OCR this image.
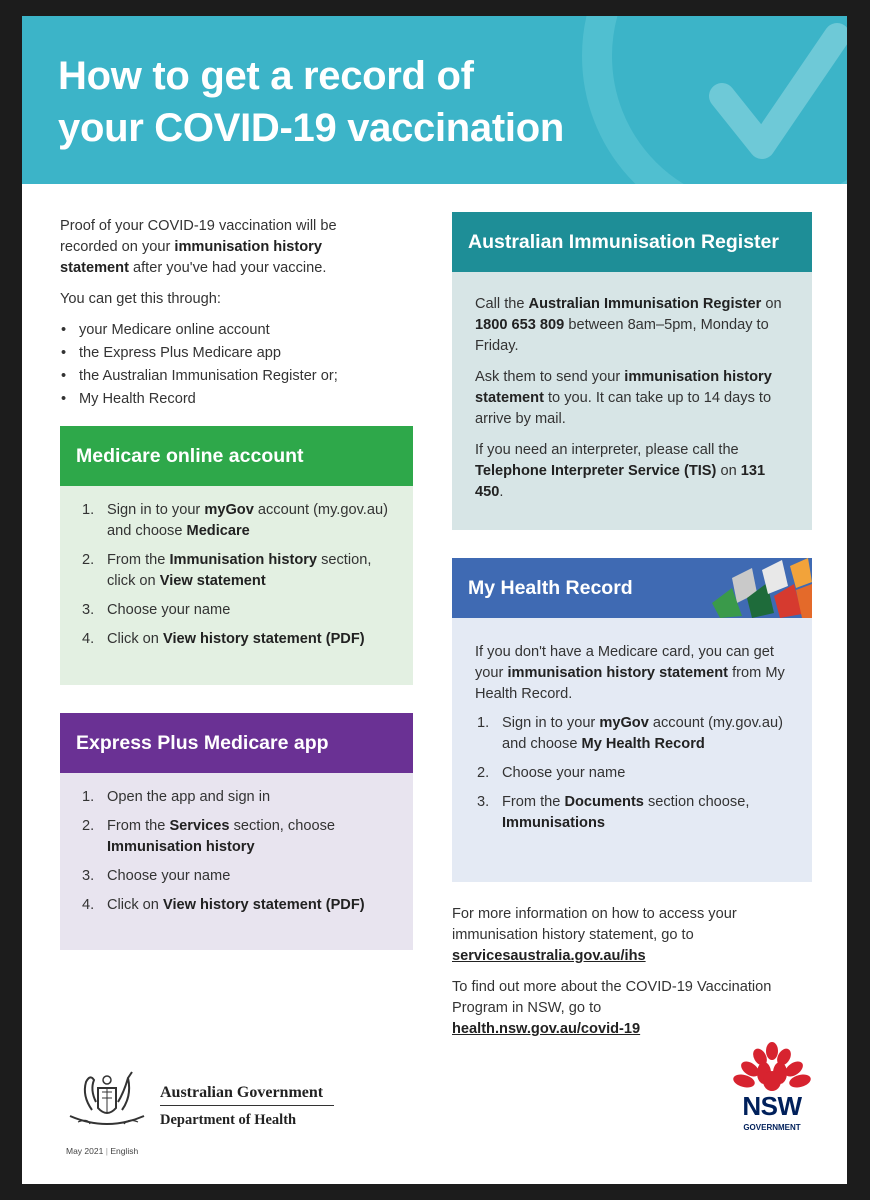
How to get a record of
your COVID-19 vaccination

Proof of your COVID-19 vaccination will be recorded on your immunisation history statement after you've had your vaccine.

You can get this through:

• your Medicare online account
• the Express Plus Medicare app
• the Australian Immunisation Register or;
• My Health Record
Medicare online account
1. Sign in to your myGov account (my.gov.au) and choose Medicare
2. From the Immunisation history section, click on View statement
3. Choose your name
4. Click on View history statement (PDF)
Express Plus Medicare app
1. Open the app and sign in
2. From the Services section, choose Immunisation history
3. Choose your name
4. Click on View history statement (PDF)
Australian Immunisation Register

Call the Australian Immunisation Register on 1800 653 809 between 8am–5pm, Monday to Friday.

Ask them to send your immunisation history statement to you. It can take up to 14 days to arrive by mail.

If you need an interpreter, please call the Telephone Interpreter Service (TIS) on 131 450.

My Health Record

If you don't have a Medicare card, you can get your immunisation history statement from My Health Record.

1. Sign in to your myGov account (my.gov.au) and choose My Health Record
2. Choose your name
3. From the Documents section choose, Immunisations

For more information on how to access your immunisation history statement, go to
servicesaustralia.gov.au/ihs

To find out more about the COVID-19 Vaccination Program in NSW, go to
health.nsw.gov.au/covid-19

Australian Government
Department of Health
May 2021 | English
NSW
GOVERNMENT
